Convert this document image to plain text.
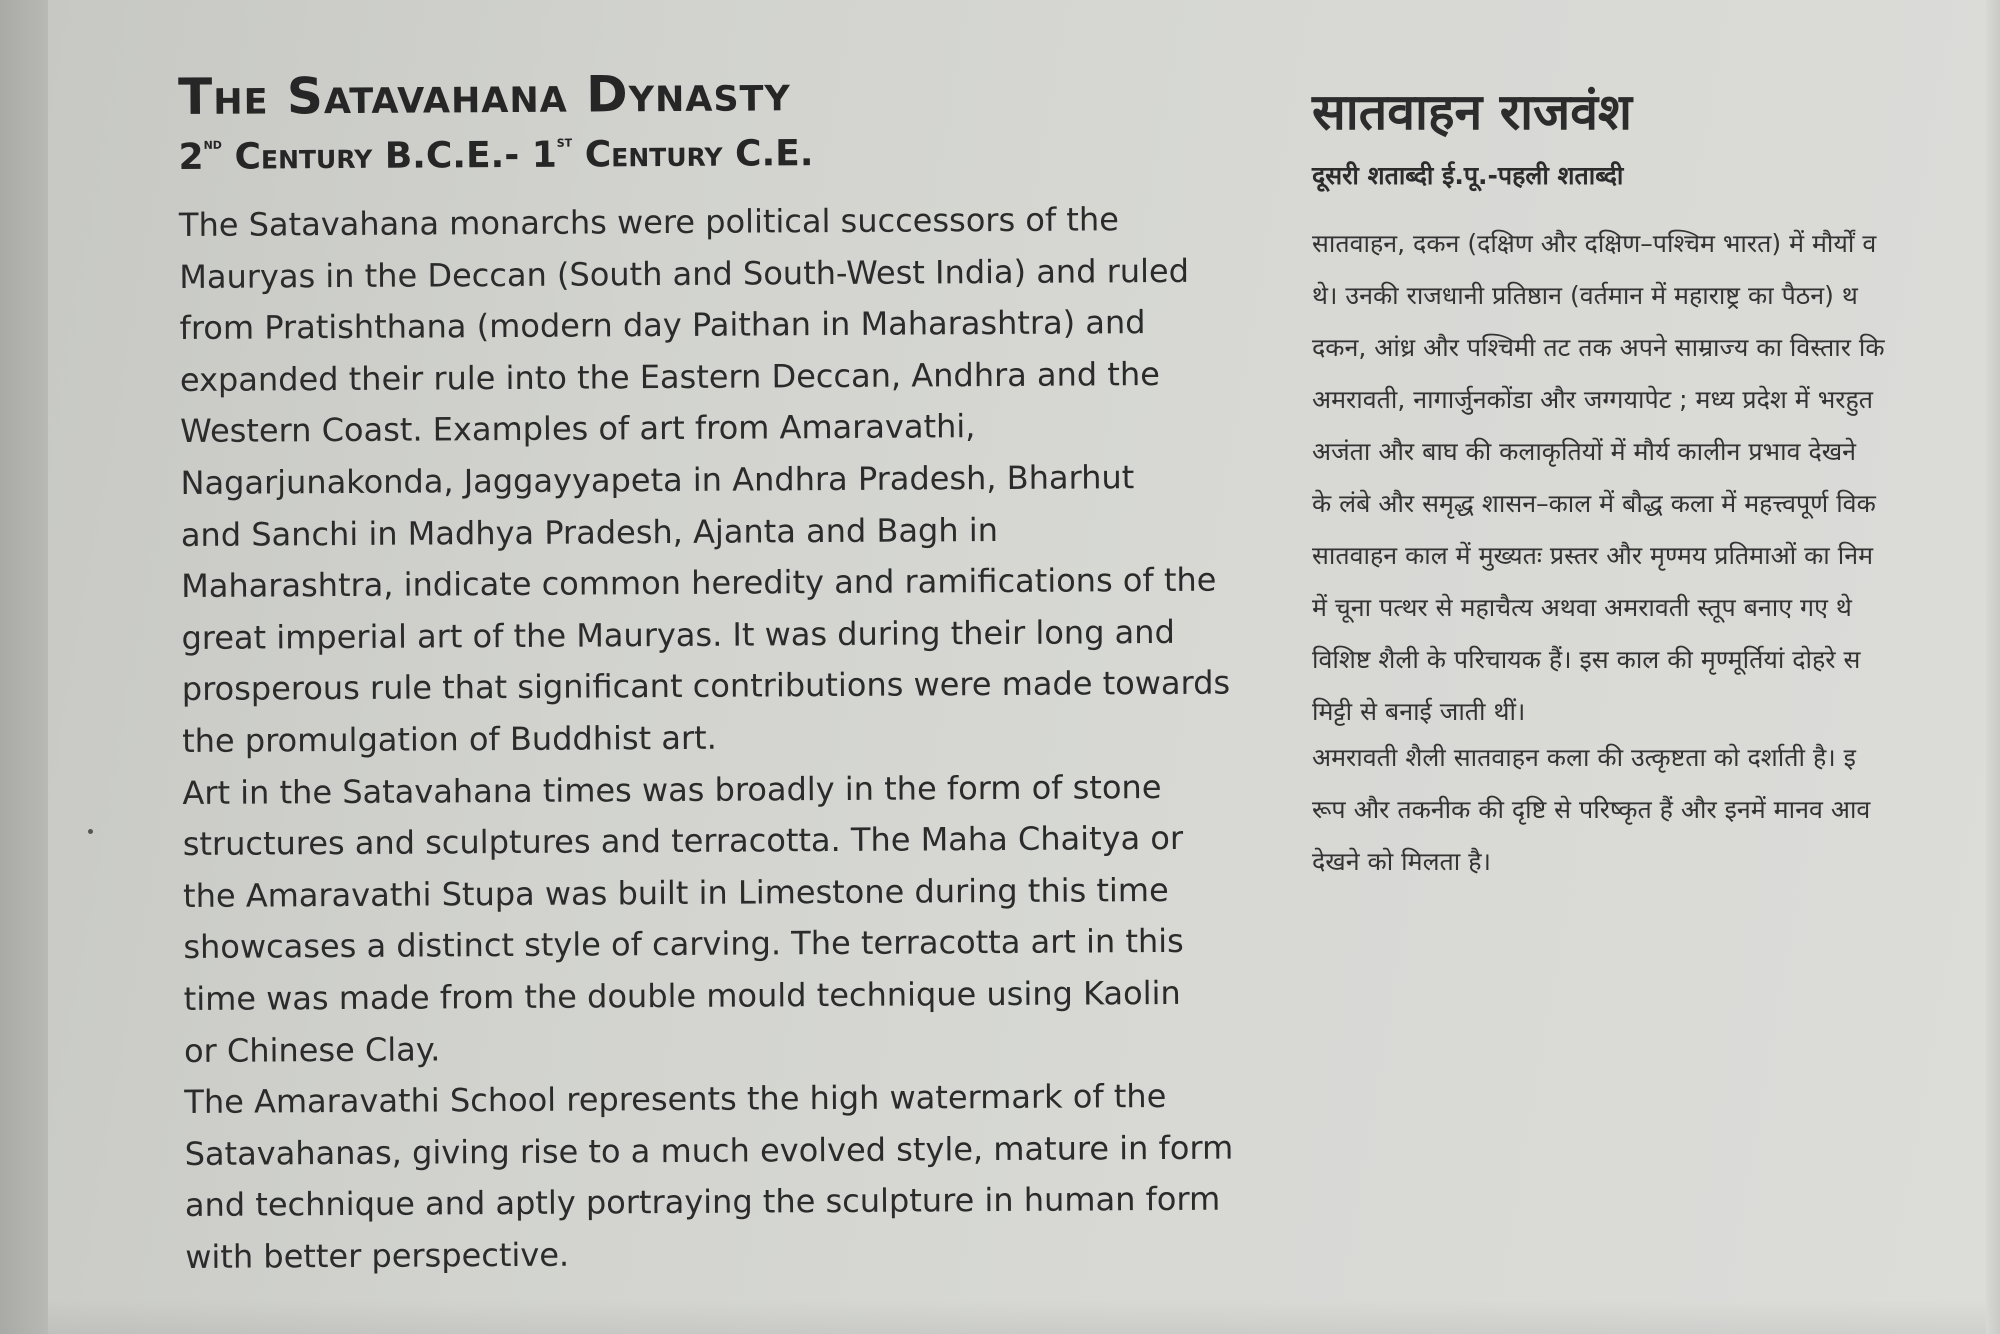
The Satavahana Dynasty
2nd Century B.C.E.- 1st Century C.E.
The Satavahana monarchs were political successors of the
Mauryas in the Deccan (South and South-West India) and ruled
from Pratishthana (modern day Paithan in Maharashtra) and
expanded their rule into the Eastern Deccan, Andhra and the
Western Coast. Examples of art from Amaravathi,
Nagarjunakonda, Jaggayyapeta in Andhra Pradesh, Bharhut
and Sanchi in Madhya Pradesh, Ajanta and Bagh in
Maharashtra, indicate common heredity and ramifications of the
great imperial art of the Mauryas. It was during their long and
prosperous rule that significant contributions were made towards
the promulgation of Buddhist art.
Art in the Satavahana times was broadly in the form of stone
structures and sculptures and terracotta. The Maha Chaitya or
the Amaravathi Stupa was built in Limestone during this time
showcases a distinct style of carving. The terracotta art in this
time was made from the double mould technique using Kaolin
or Chinese Clay.
The Amaravathi School represents the high watermark of the
Satavahanas, giving rise to a much evolved style, mature in form
and technique and aptly portraying the sculpture in human form
with better perspective.
सातवाहन राजवंश
दूसरी शताब्दी ई.पू.-पहली शताब्दी
सातवाहन, दकन (दक्षिण और दक्षिण–पश्चिम भारत) में मौर्यों व
थे। उनकी राजधानी प्रतिष्ठान (वर्तमान में महाराष्ट्र का पैठन) थ
दकन, आंध्र और पश्चिमी तट तक अपने साम्राज्य का विस्तार कि
अमरावती, नागार्जुनकोंडा और जग्गयापेट ; मध्य प्रदेश में भरहुत
अजंता और बाघ की कलाकृतियों में मौर्य कालीन प्रभाव देखने
के लंबे और समृद्ध शासन–काल में बौद्ध कला में महत्त्वपूर्ण विक
सातवाहन काल में मुख्यतः प्रस्तर और मृण्मय प्रतिमाओं का निम
में चूना पत्थर से महाचैत्य अथवा अमरावती स्तूप बनाए गए थे
विशिष्ट शैली के परिचायक हैं। इस काल की मृण्मूर्तियां दोहरे स
मिट्टी से बनाई जाती थीं।
अमरावती शैली सातवाहन कला की उत्कृष्टता को दर्शाती है। इ
रूप और तकनीक की दृष्टि से परिष्कृत हैं और इनमें मानव आव
देखने को मिलता है।
